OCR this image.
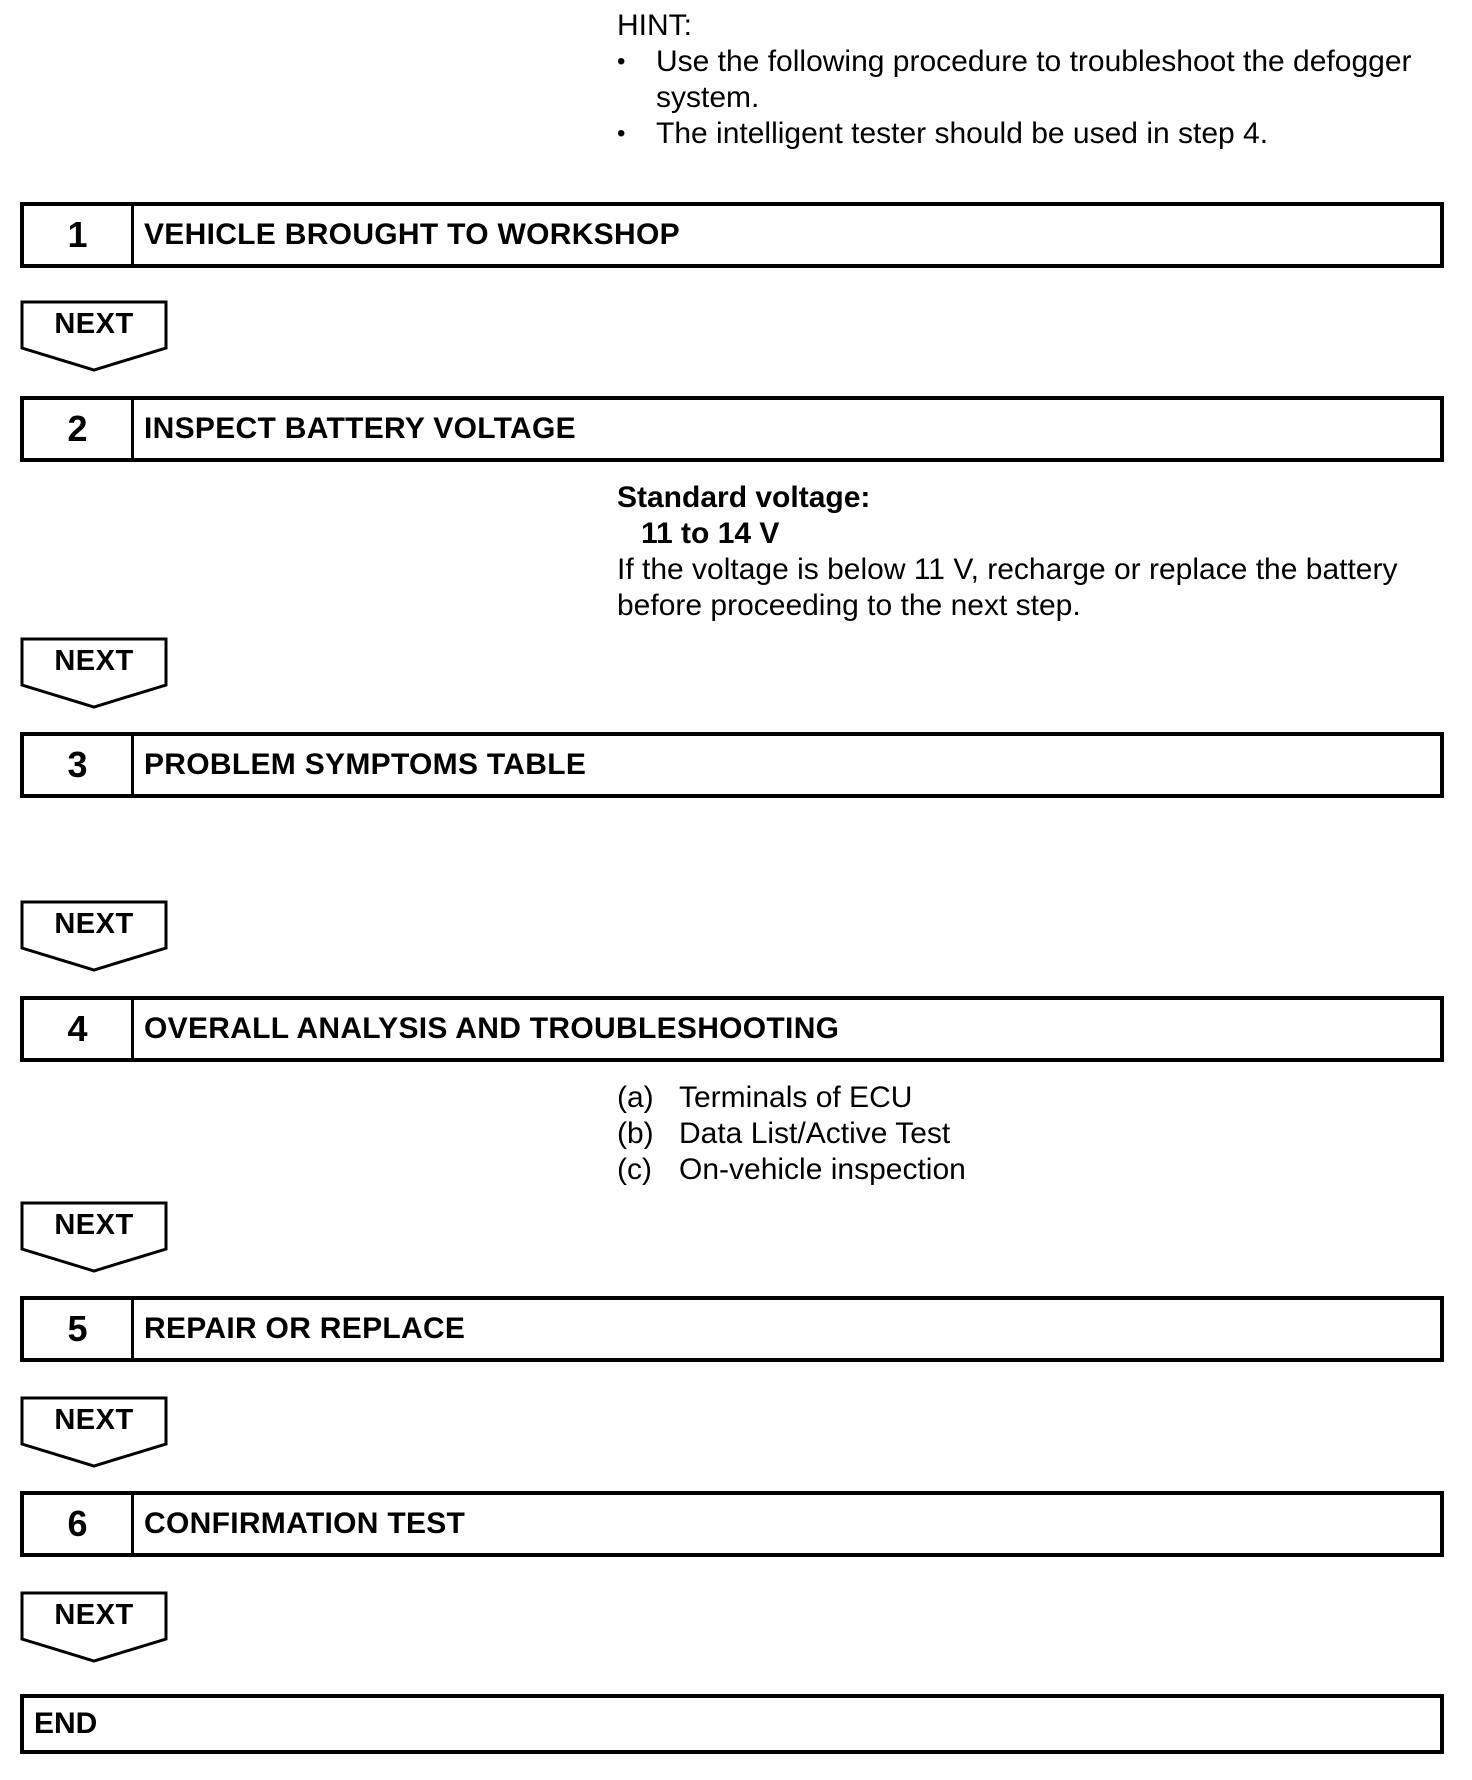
HINT:
• Use the following procedure to troubleshoot the defogger
system.
• The intelligent tester should be used in step 4.
1	VEHICLE BROUGHT TO WORKSHOP
NEXT
2	INSPECT BATTERY VOLTAGE
Standard voltage:
11 to 14 V
If the voltage is below 11 V, recharge or replace the battery
before proceeding to the next step.
NEXT
3	PROBLEM SYMPTOMS TABLE
NEXT
4	OVERALL ANALYSIS AND TROUBLESHOOTING
(a) Terminals of ECU
(b) Data List/Active Test
(c) On-vehicle inspection
NEXT
5	REPAIR OR REPLACE
NEXT
6	CONFIRMATION TEST
NEXT
END
